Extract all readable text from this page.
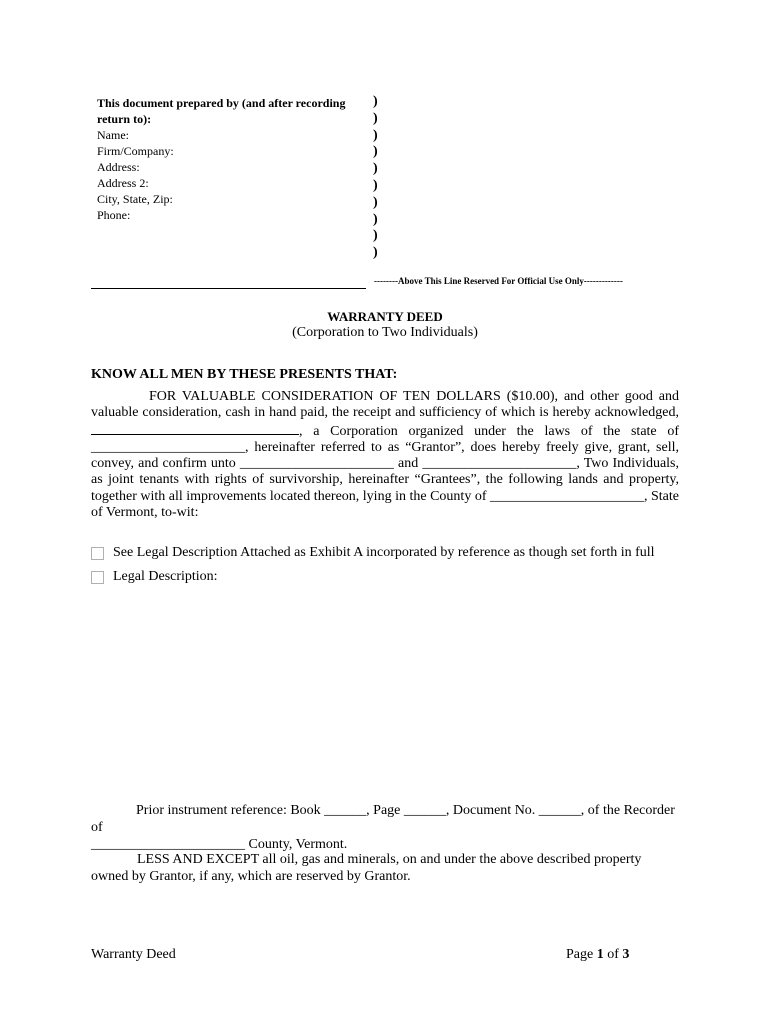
This document prepared by (and after recording
return to):
Name:
Firm/Company:
Address:
Address 2:
City, State, Zip:
Phone:
)
)
)
)
)
)
)
)
)
)
--------Above This Line Reserved For Official Use Only-------------
WARRANTY DEED
(Corporation to Two Individuals)
KNOW ALL MEN BY THESE PRESENTS THAT:
FOR VALUABLE CONSIDERATION OF TEN DOLLARS ($10.00), and other good and valuable consideration, cash in hand paid, the receipt and sufficiency of which is hereby acknowledged, , a Corporation organized under the laws of the state of ______________________, hereinafter referred to as “Grantor”, does hereby freely give, grant, sell, convey, and confirm unto ______________________ and ______________________, Two Individuals, as joint tenants with rights of survivorship, hereinafter “Grantees”, the following lands and property, together with all improvements located thereon, lying in the County of ______________________, State of Vermont, to-wit:
See Legal Description Attached as Exhibit A incorporated by reference as though set forth in full
Legal Description:
Prior instrument reference: Book ______, Page ______, Document No. ______, of the Recorder of
______________________ County, Vermont.
LESS AND EXCEPT all oil, gas and minerals, on and under the above described property owned by Grantor, if any, which are reserved by Grantor.
Warranty Deed	Page 1 of 3
